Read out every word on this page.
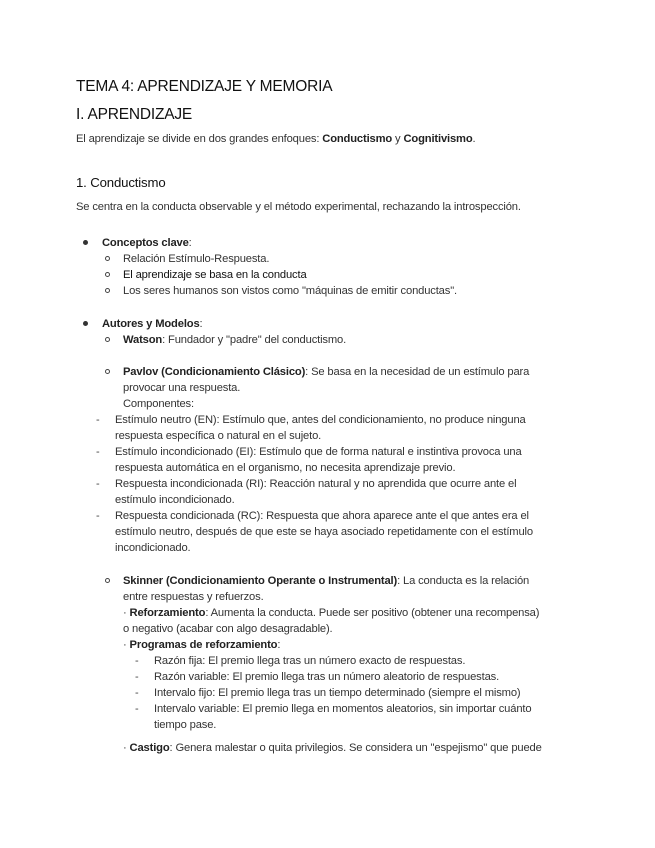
TEMA 4: APRENDIZAJE Y MEMORIA
I. APRENDIZAJE
El aprendizaje se divide en dos grandes enfoques: Conductismo y Cognitivismo.
1. Conductismo
Se centra en la conducta observable y el método experimental, rechazando la introspección.
Conceptos clave:
Relación Estímulo-Respuesta.
El aprendizaje se basa en la conducta
Los seres humanos son vistos como "máquinas de emitir conductas".
Autores y Modelos:
Watson: Fundador y "padre" del conductismo.
Pavlov (Condicionamiento Clásico): Se basa en la necesidad de un estímulo para
provocar una respuesta.
Componentes:
- Estímulo neutro (EN): Estímulo que, antes del condicionamiento, no produce ninguna
respuesta específica o natural en el sujeto.
- Estímulo incondicionado (EI): Estímulo que de forma natural e instintiva provoca una
respuesta automática en el organismo, no necesita aprendizaje previo.
- Respuesta incondicionada (RI): Reacción natural y no aprendida que ocurre ante el
estímulo incondicionado.
- Respuesta condicionada (RC): Respuesta que ahora aparece ante el que antes era el
estímulo neutro, después de que este se haya asociado repetidamente con el estímulo
incondicionado.
Skinner (Condicionamiento Operante o Instrumental): La conducta es la relación
entre respuestas y refuerzos.
· Reforzamiento: Aumenta la conducta. Puede ser positivo (obtener una recompensa)
o negativo (acabar con algo desagradable).
· Programas de reforzamiento:
- Razón fija: El premio llega tras un número exacto de respuestas.
- Razón variable: El premio llega tras un número aleatorio de respuestas.
- Intervalo fijo: El premio llega tras un tiempo determinado (siempre el mismo)
- Intervalo variable: El premio llega en momentos aleatorios, sin importar cuánto
tiempo pase.
· Castigo: Genera malestar o quita privilegios. Se considera un "espejismo" que puede
